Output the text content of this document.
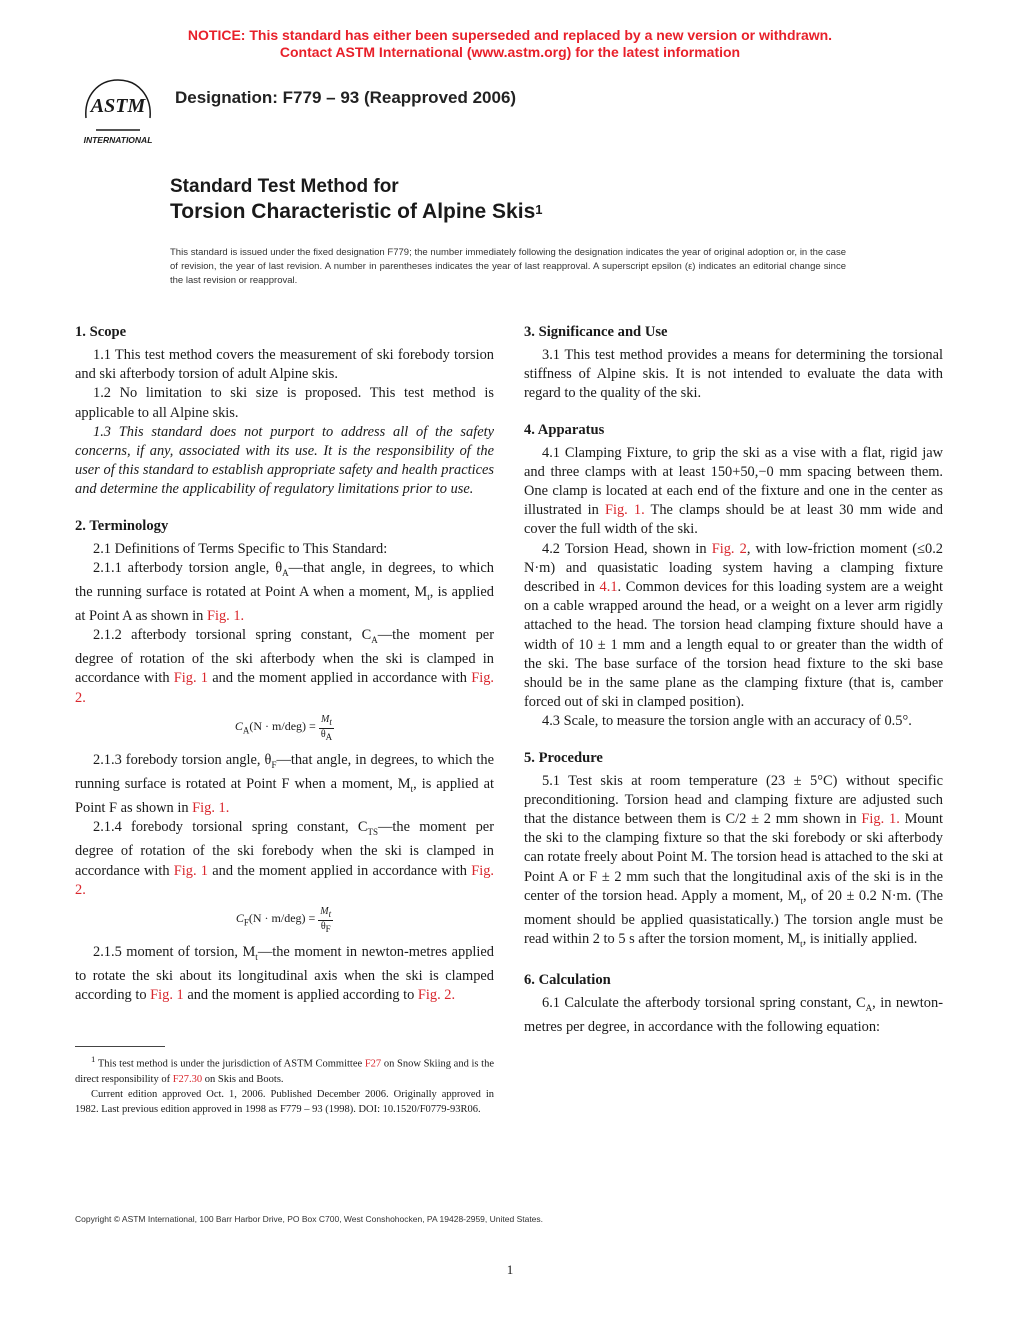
NOTICE: This standard has either been superseded and replaced by a new version or withdrawn.
Contact ASTM International (www.astm.org) for the latest information
ASTM
INTERNATIONAL
Designation: F779 – 93 (Reapproved 2006)
Standard Test Method for
Torsion Characteristic of Alpine Skis$^1$
This standard is issued under the fixed designation F779; the number immediately following the designation indicates the year of original adoption or, in the case of revision, the year of last revision. A number in parentheses indicates the year of last reapproval. A superscript epsilon (ε) indicates an editorial change since the last revision or reapproval.
1. Scope

1.1 This test method covers the measurement of ski forebody torsion and ski afterbody torsion of adult Alpine skis.

1.2 No limitation to ski size is proposed. This test method is applicable to all Alpine skis.

1.3 This standard does not purport to address all of the safety concerns, if any, associated with its use. It is the responsibility of the user of this standard to establish appropriate safety and health practices and determine the applicability of regulatory limitations prior to use.

2. Terminology

2.1 Definitions of Terms Specific to This Standard:

2.1.1 afterbody torsion angle, $\theta_A—that$ angle, in degrees, to which the running surface is rotated at Point A when a moment, $M_t$, is applied at Point A as shown in Fig. 1.

2.1.2 afterbody torsional spring constant, $C_A—the$ moment per degree of rotation of the ski afterbody when the ski is clamped in accordance with Fig. 1 and the moment applied in accordance with Fig. 2.

$C_A(N \cdot m/deg) = \frac{M_t}{\theta_A}$

2.1.3 forebody torsion angle, $\theta_F—that$ angle, in degrees, to which the running surface is rotated at Point F when a moment, $M_t$, is applied at Point F as shown in Fig. 1.

2.1.4 forebody torsional spring constant, $C_{TS}—the$ moment per degree of rotation of the ski forebody when the ski is clamped in accordance with Fig. 1 and the moment applied in accordance with Fig. 2.

$C_F(N \cdot m/deg) = \frac{M_t}{\theta_F}$

2.1.5 moment of torsion, $M_t—the$ moment in newton-metres applied to rotate the ski about its longitudinal axis when the ski is clamped according to Fig. 1 and the moment is applied according to Fig. 2.

3. Significance and Use

3.1 This test method provides a means for determining the torsional stiffness of Alpine skis. It is not intended to evaluate the data with regard to the quality of the ski.

4. Apparatus

4.1 Clamping Fixture, to grip the ski as a vise with a flat, rigid jaw and three clamps with at least 150+50,−0 mm spacing between them. One clamp is located at each end of the fixture and one in the center as illustrated in Fig. 1. The clamps should be at least 30 mm wide and cover the full width of the ski.

4.2 Torsion Head, shown in Fig. 2, with low-friction moment (≤0.2 N·m) and quasistatic loading system having a clamping fixture described in 4.1. Common devices for this loading system are a weight on a cable wrapped around the head, or a weight on a lever arm rigidly attached to the head. The torsion head clamping fixture should have a width of 10 ± 1 mm and a length equal to or greater than the width of the ski. The base surface of the torsion head fixture to the ski base should be in the same plane as the clamping fixture (that is, camber forced out of ski in clamped position).

4.3 Scale, to measure the torsion angle with an accuracy of 0.5°.

5. Procedure

5.1 Test skis at room temperature (23 ± 5°C) without specific preconditioning. Torsion head and clamping fixture are adjusted such that the distance between them is C/2 ± 2 mm shown in Fig. 1. Mount the ski to the clamping fixture so that the ski forebody or ski afterbody can rotate freely about Point M. The torsion head is attached to the ski at Point A or F ± 2 mm such that the longitudinal axis of the ski is in the center of the torsion head. Apply a moment, $M_t$, of 20 ± 0.2 N·m. (The moment should be applied quasistatically.) The torsion angle must be read within 2 to 5 s after the torsion moment, $M_t$, is initially applied.

6. Calculation

6.1 Calculate the afterbody torsional spring constant, $C_A$, in newton-metres per degree, in accordance with the following equation:

$^1$ This test method is under the jurisdiction of ASTM Committee F27 on Snow Skiing and is the direct responsibility of F27.30 on Skis and Boots.

Current edition approved Oct. 1, 2006. Published December 2006. Originally approved in 1982. Last previous edition approved in 1998 as F779 – 93 (1998). DOI: 10.1520/F0779-93R06.

Copyright © ASTM International, 100 Barr Harbor Drive, PO Box C700, West Conshohocken, PA 19428-2959, United States.
1
